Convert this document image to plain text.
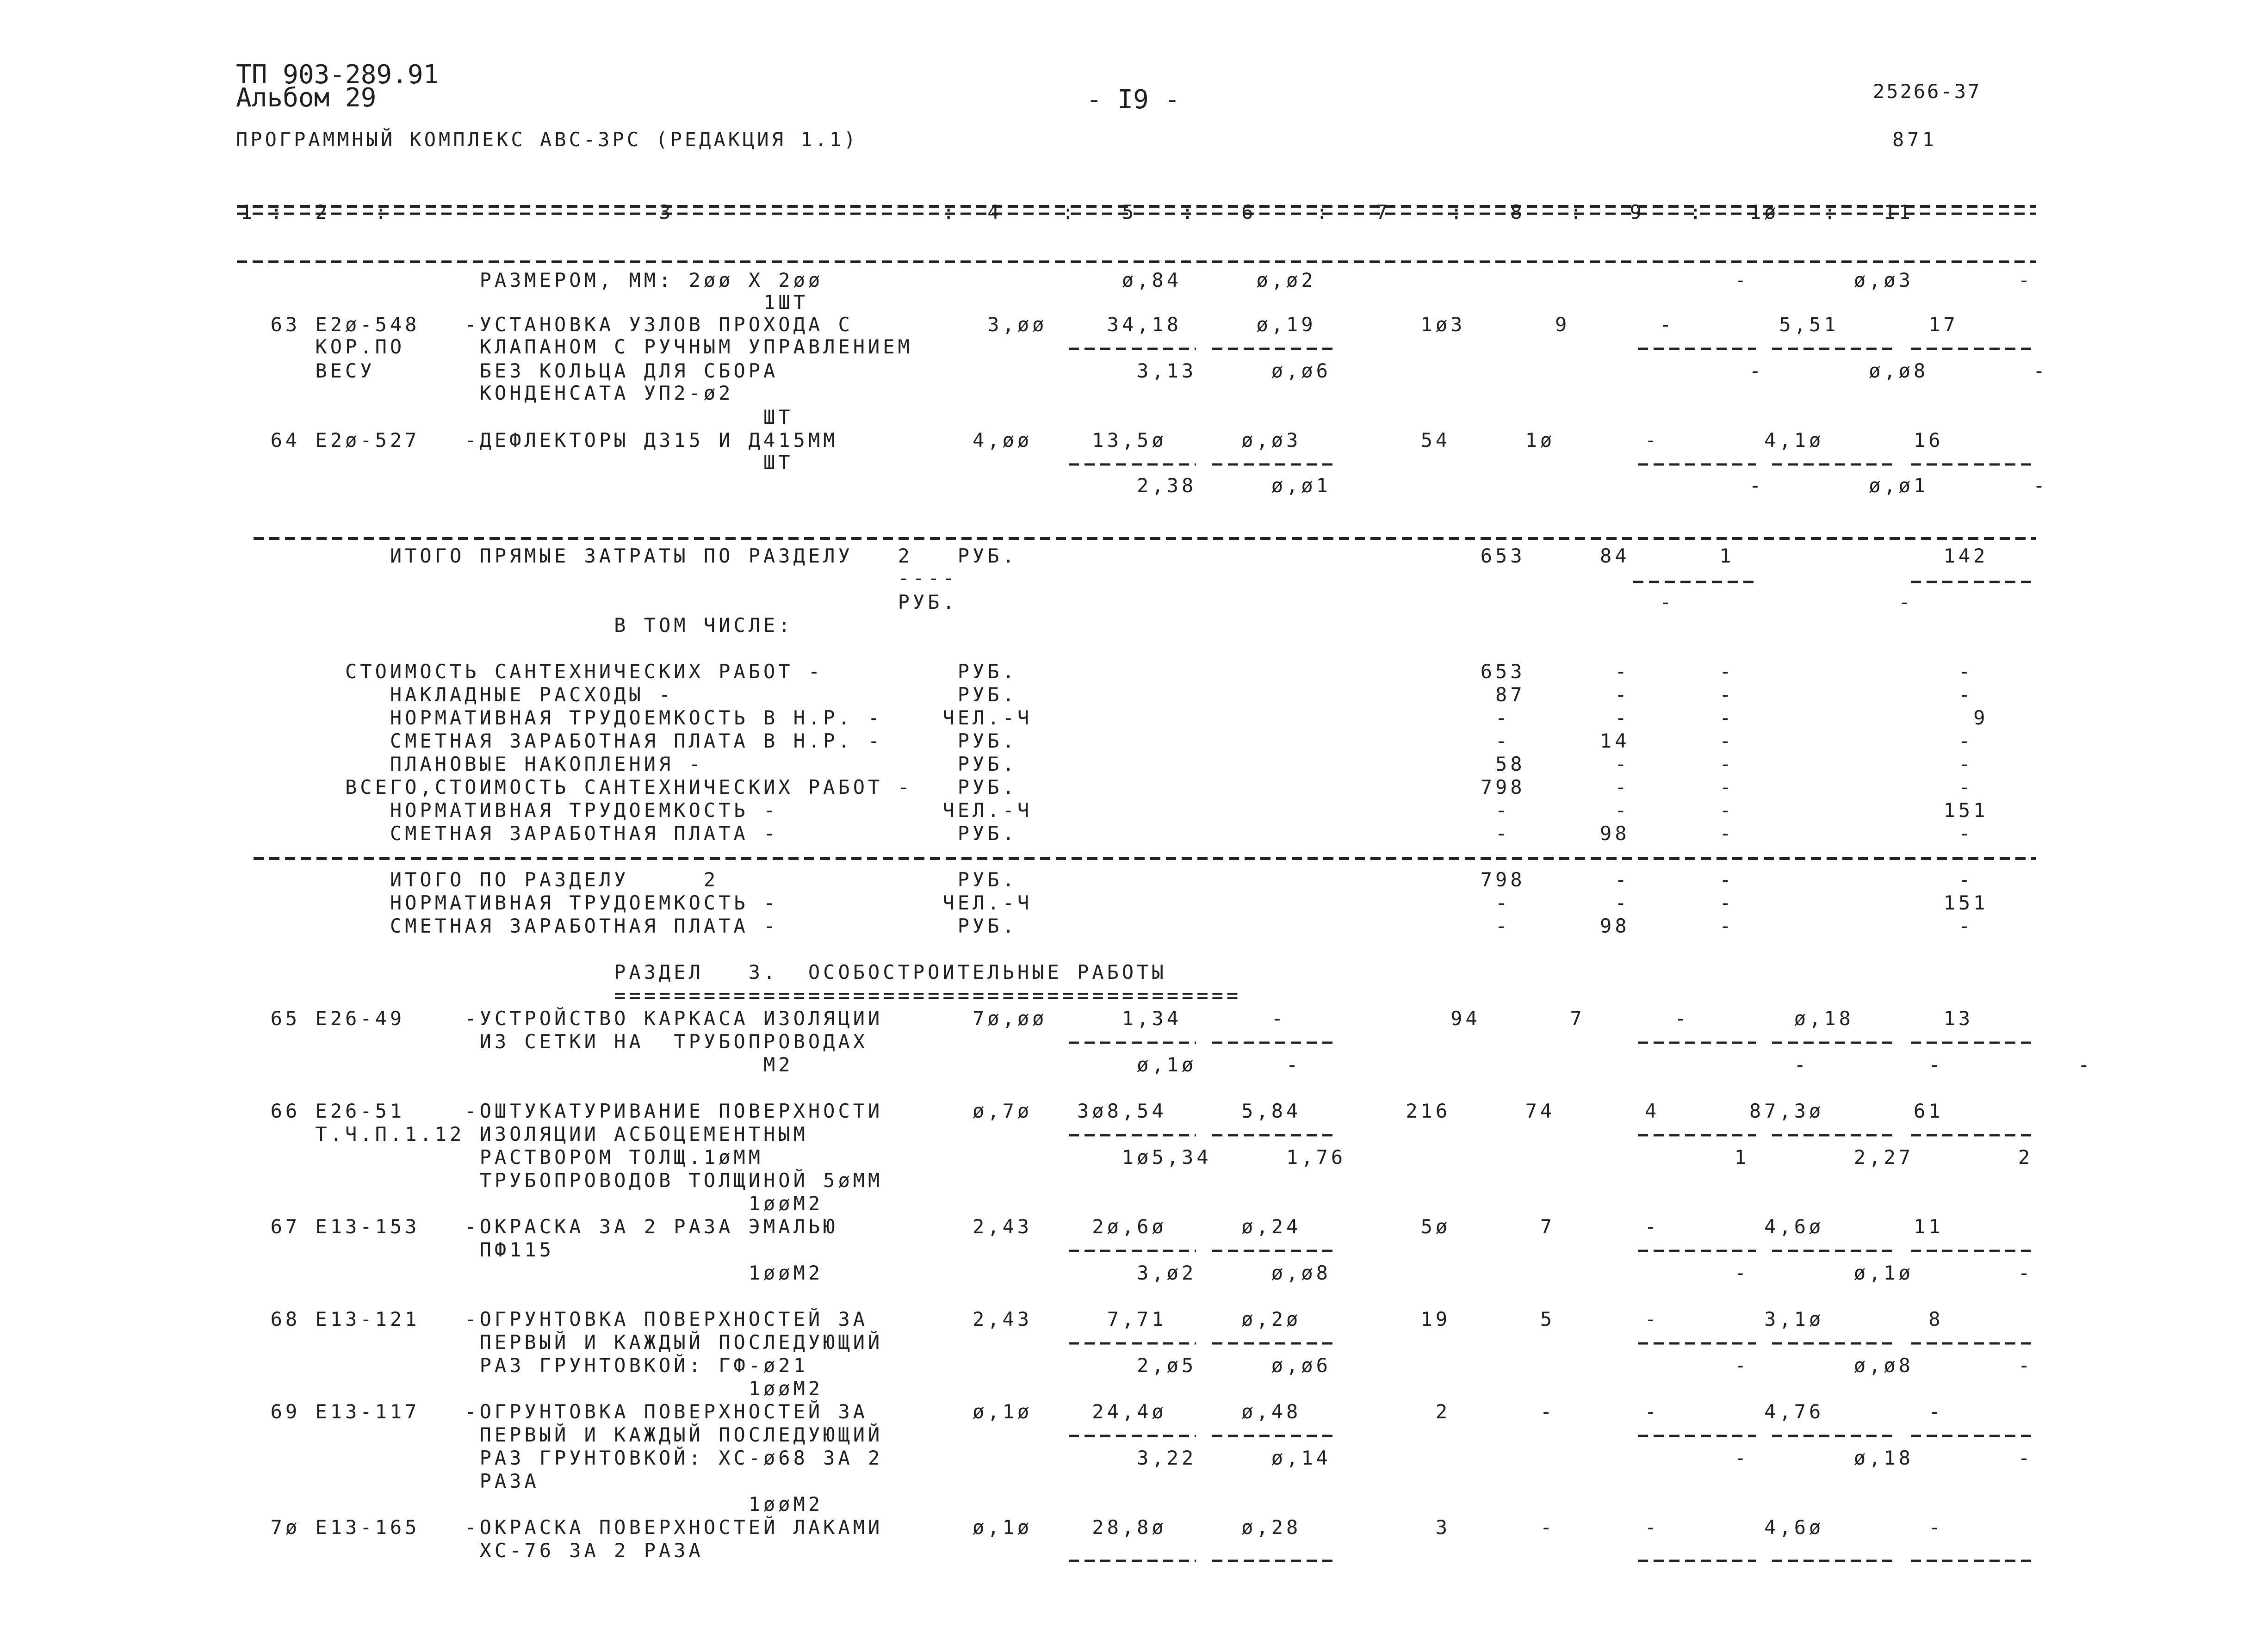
ТП 903-289.91
Альбом 29	- I9 -	25266-37
ПРОГРАММНЫЙ КОМПЛЕКС АВС-3РС (РЕДАКЦИЯ 1.1)	871
1 :  2   :                  3                  :  4    :   5   :   6    :   7    :   8   :   9   :   1ø   :   11
РАЗМЕРОМ, ММ: 2øø Х 2øø                    ø,84     ø,ø2                            -       ø,ø3       -
1ШТ
63 Е2ø-548   -УСТАНОВКА УЗЛОВ ПРОХОДА С         3,øø    34,18     ø,19       1ø3      9      -       5,51      17
КОР.ПО     КЛАПАНОМ С РУЧНЫМ УПРАВЛЕНИЕМ
ВЕСУ       БЕЗ КОЛЬЦА ДЛЯ СБОРА                        3,13     ø,ø6                            -       ø,ø8       -
КОНДЕНСАТА УП2-ø2
ШТ
64 Е2ø-527   -ДЕФЛЕКТОРЫ Д315 И Д415ММ         4,øø    13,5ø     ø,ø3        54     1ø      -       4,1ø      16
ШТ
2,38     ø,ø1                            -       ø,ø1       -
ИТОГО ПРЯМЫЕ ЗАТРАТЫ ПО РАЗДЕЛУ   2   РУБ.                               653     84      1              142
----
РУБ.                                               -               -
В ТОМ ЧИСЛЕ:
СТОИМОСТЬ САНТЕХНИЧЕСКИХ РАБОТ -         РУБ.                               653      -      -               -
НАКЛАДНЫЕ РАСХОДЫ -                   РУБ.                                87      -      -               -
НОРМАТИВНАЯ ТРУДОЕМКОСТЬ В Н.Р. -    ЧЕЛ.-Ч                               -       -      -                9
СМЕТНАЯ ЗАРАБОТНАЯ ПЛАТА В Н.Р. -     РУБ.                                -      14      -               -
ПЛАНОВЫЕ НАКОПЛЕНИЯ -                 РУБ.                                58      -      -               -
ВСЕГО,СТОИМОСТЬ САНТЕХНИЧЕСКИХ РАБОТ -   РУБ.                               798      -      -               -
НОРМАТИВНАЯ ТРУДОЕМКОСТЬ -           ЧЕЛ.-Ч                               -       -      -              151
СМЕТНАЯ ЗАРАБОТНАЯ ПЛАТА -            РУБ.                                -      98      -               -
ИТОГО ПО РАЗДЕЛУ     2                РУБ.                               798      -      -               -
НОРМАТИВНАЯ ТРУДОЕМКОСТЬ -           ЧЕЛ.-Ч                               -       -      -              151
СМЕТНАЯ ЗАРАБОТНАЯ ПЛАТА -            РУБ.                                -      98      -               -
РАЗДЕЛ   3.  ОСОБОСТРОИТЕЛЬНЫЕ РАБОТЫ
==========================================
65 Е26-49    -УСТРОЙСТВО КАРКАСА ИЗОЛЯЦИИ      7ø,øø     1,34      -           94      7      -       ø,18      13
ИЗ СЕТКИ НА  ТРУБОПРОВОДАХ
М2                       ø,1ø      -                                 -        -         -
66 Е26-51    -ОШТУКАТУРИВАНИЕ ПОВЕРХНОСТИ      ø,7ø   3ø8,54     5,84       216     74      4      87,3ø      61
Т.Ч.П.1.12 ИЗОЛЯЦИИ АСБОЦЕМЕНТНЫМ
РАСТВОРОМ ТОЛЩ.1øММ                        1ø5,34     1,76                          1       2,27       2
ТРУБОПРОВОДОВ ТОЛЩИНОЙ 5øММ
1øøМ2
67 Е13-153   -ОКРАСКА ЗА 2 РАЗА ЭМАЛЬЮ         2,43    2ø,6ø     ø,24        5ø      7      -       4,6ø      11
ПФ115
1øøМ2                     3,ø2     ø,ø8                           -       ø,1ø       -
68 Е13-121   -ОГРУНТОВКА ПОВЕРХНОСТЕЙ ЗА       2,43     7,71     ø,2ø        19      5      -       3,1ø       8
ПЕРВЫЙ И КАЖДЫЙ ПОСЛЕДУЮЩИЙ
РАЗ ГРУНТОВКОЙ: ГФ-ø21                      2,ø5     ø,ø6                           -       ø,ø8       -
1øøМ2
69 Е13-117   -ОГРУНТОВКА ПОВЕРХНОСТЕЙ ЗА       ø,1ø    24,4ø     ø,48         2      -      -       4,76       -
ПЕРВЫЙ И КАЖДЫЙ ПОСЛЕДУЮЩИЙ
РАЗ ГРУНТОВКОЙ: ХС-ø68 ЗА 2                 3,22     ø,14                           -       ø,18       -
РАЗА
1øøМ2
7ø Е13-165   -ОКРАСКА ПОВЕРХНОСТЕЙ ЛАКАМИ      ø,1ø    28,8ø     ø,28         3      -      -       4,6ø       -
ХС-76 ЗА 2 РАЗА
